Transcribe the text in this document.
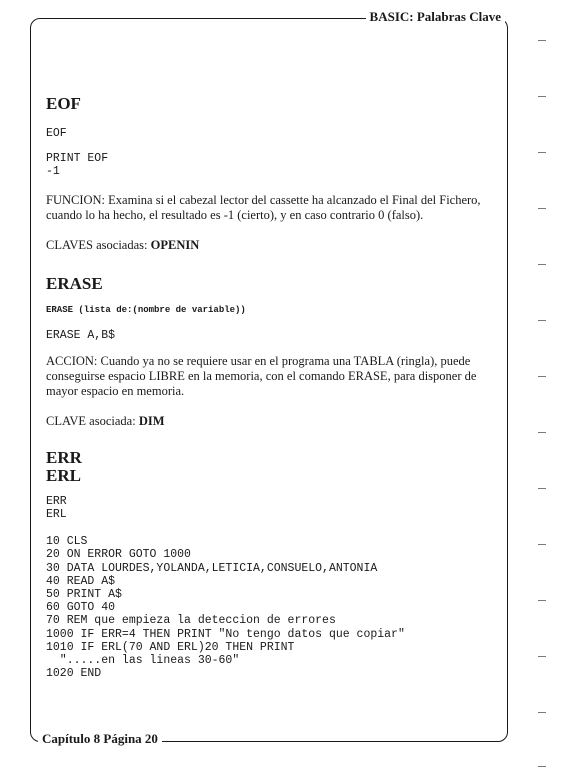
BASIC: Palabras Clave
Capítulo 8 Página 20

EOF

EOF

PRINT EOF
-1

FUNCION: Examina si el cabezal lector del cassette ha alcanzado el Final del Fichero, cuando lo ha hecho, el resultado es -1 (cierto), y en caso contrario 0 (falso).

CLAVES asociadas: OPENIN

ERASE

ERASE (lista de:(nombre de variable))

ERASE A,B$

ACCION: Cuando ya no se requiere usar en el programa una TABLA (ringla), puede conseguirse espacio LIBRE en la memoria, con el comando ERASE, para disponer de mayor espacio en memoria.

CLAVE asociada: DIM

ERR

ERL

ERR
ERL

10 CLS
20 ON ERROR GOTO 1000
30 DATA LOURDES,YOLANDA,LETICIA,CONSUELO,ANTONIA
40 READ A$
50 PRINT A$
60 GOTO 40
70 REM que empieza la deteccion de errores
1000 IF ERR=4 THEN PRINT "No tengo datos que copiar"
1010 IF ERL(70 AND ERL)20 THEN PRINT
".....en las lineas 30-60"
1020 END
